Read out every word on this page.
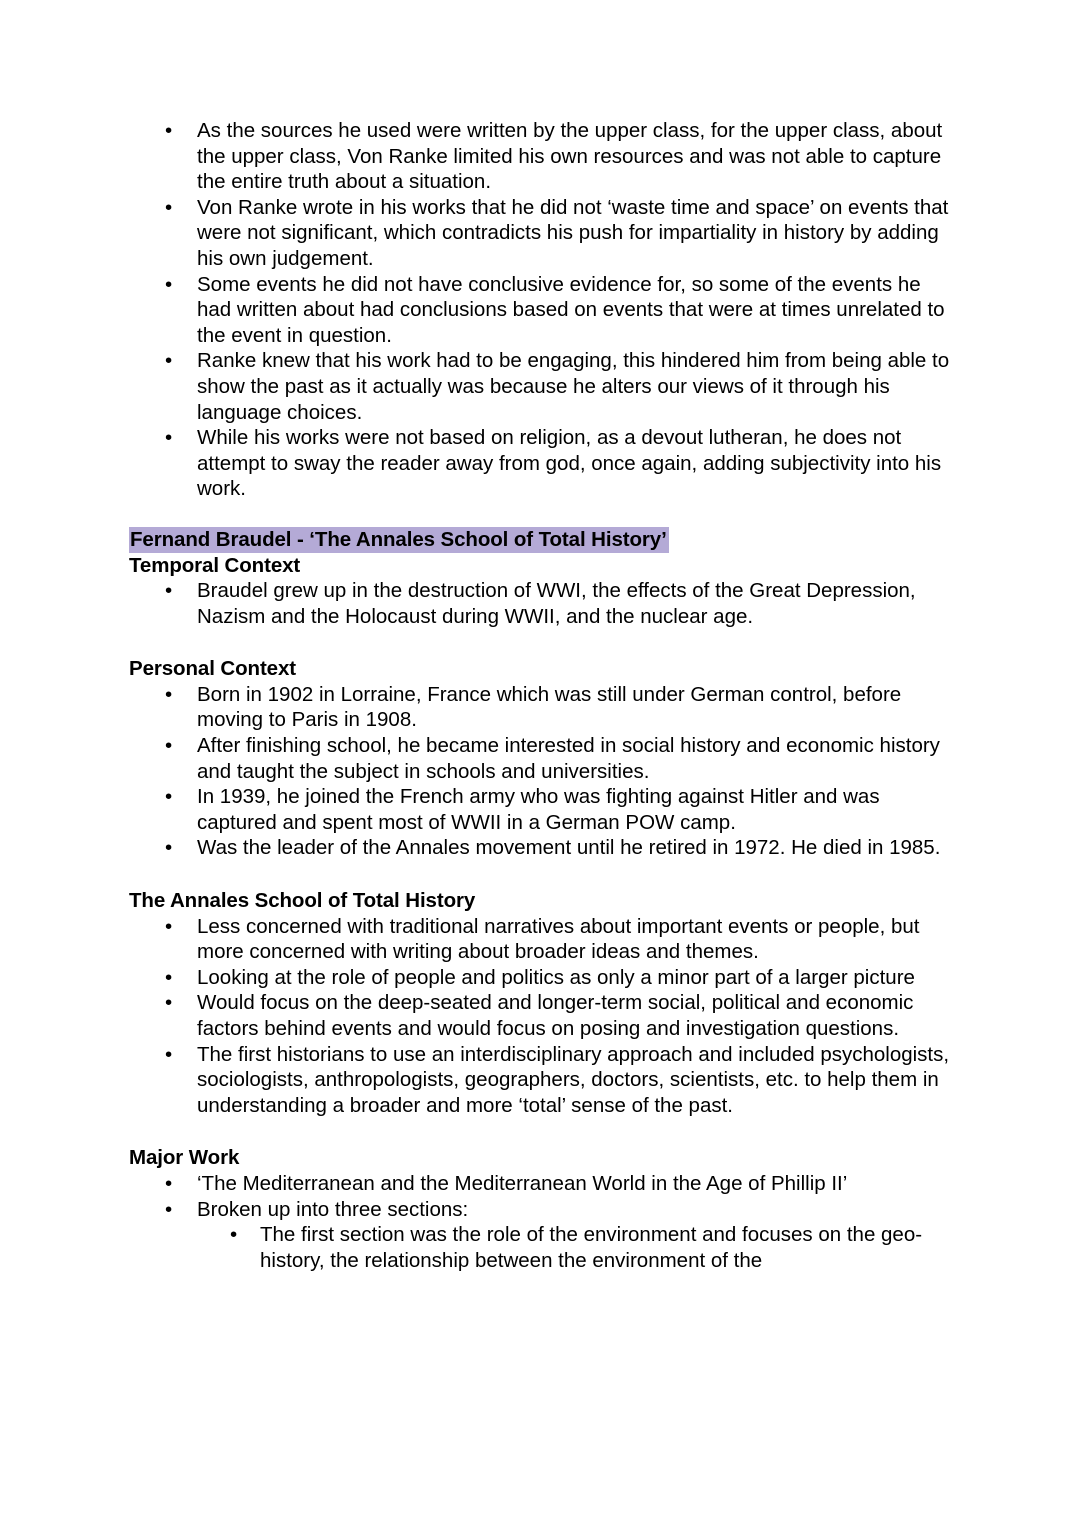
• As the sources he used were written by the upper class, for the upper class, about the upper class, Von Ranke limited his own resources and was not able to capture the entire truth about a situation.
• Von Ranke wrote in his works that he did not ‘waste time and space’ on events that were not significant, which contradicts his push for impartiality in history by adding his own judgement.
• Some events he did not have conclusive evidence for, so some of the events he had written about had conclusions based on events that were at times unrelated to the event in question.
• Ranke knew that his work had to be engaging, this hindered him from being able to show the past as it actually was because he alters our views of it through his language choices.
• While his works were not based on religion, as a devout lutheran, he does not attempt to sway the reader away from god, once again, adding subjectivity into his work.
Fernand Braudel - ‘The Annales School of Total History’
Temporal Context
• Braudel grew up in the destruction of WWI, the effects of the Great Depression, Nazism and the Holocaust during WWII, and the nuclear age.
Personal Context
• Born in 1902 in Lorraine, France which was still under German control, before moving to Paris in 1908.
• After finishing school, he became interested in social history and economic history and taught the subject in schools and universities.
• In 1939, he joined the French army who was fighting against Hitler and was captured and spent most of WWII in a German POW camp.
• Was the leader of the Annales movement until he retired in 1972. He died in 1985.
The Annales School of Total History
• Less concerned with traditional narratives about important events or people, but more concerned with writing about broader ideas and themes.
• Looking at the role of people and politics as only a minor part of a larger picture
• Would focus on the deep-seated and longer-term social, political and economic factors behind events and would focus on posing and investigation questions.
• The first historians to use an interdisciplinary approach and included psychologists, sociologists, anthropologists, geographers, doctors, scientists, etc. to help them in understanding a broader and more ‘total’ sense of the past.
Major Work
• ‘The Mediterranean and the Mediterranean World in the Age of Phillip II’
• Broken up into three sections:
• The first section was the role of the environment and focuses on the geo-history, the relationship between the environment of the
